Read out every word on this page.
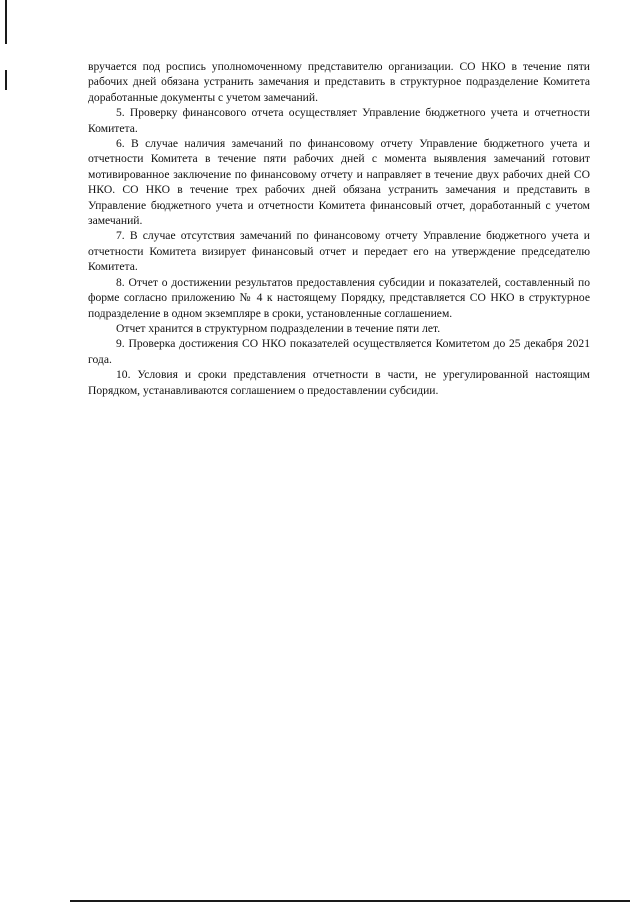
вручается под роспись уполномоченному представителю организации. СО НКО в течение пяти рабочих дней обязана устранить замечания и представить в структурное подразделение Комитета доработанные документы с учетом замечаний.

5. Проверку финансового отчета осуществляет Управление бюджетного учета и отчетности Комитета.

6. В случае наличия замечаний по финансовому отчету Управление бюджетного учета и отчетности Комитета в течение пяти рабочих дней с момента выявления замечаний готовит мотивированное заключение по финансовому отчету и направляет в течение двух рабочих дней СО НКО. СО НКО в течение трех рабочих дней обязана устранить замечания и представить в Управление бюджетного учета и отчетности Комитета финансовый отчет, доработанный с учетом замечаний.

7. В случае отсутствия замечаний по финансовому отчету Управление бюджетного учета и отчетности Комитета визирует финансовый отчет и передает его на утверждение председателю Комитета.

8. Отчет о достижении результатов предоставления субсидии и показателей, составленный по форме согласно приложению № 4 к настоящему Порядку, представляется СО НКО в структурное подразделение в одном экземпляре в сроки, установленные соглашением.

Отчет хранится в структурном подразделении в течение пяти лет.

9. Проверка достижения СО НКО показателей осуществляется Комитетом до 25 декабря 2021 года.

10. Условия и сроки представления отчетности в части, не урегулированной настоящим Порядком, устанавливаются соглашением о предоставлении субсидии.
